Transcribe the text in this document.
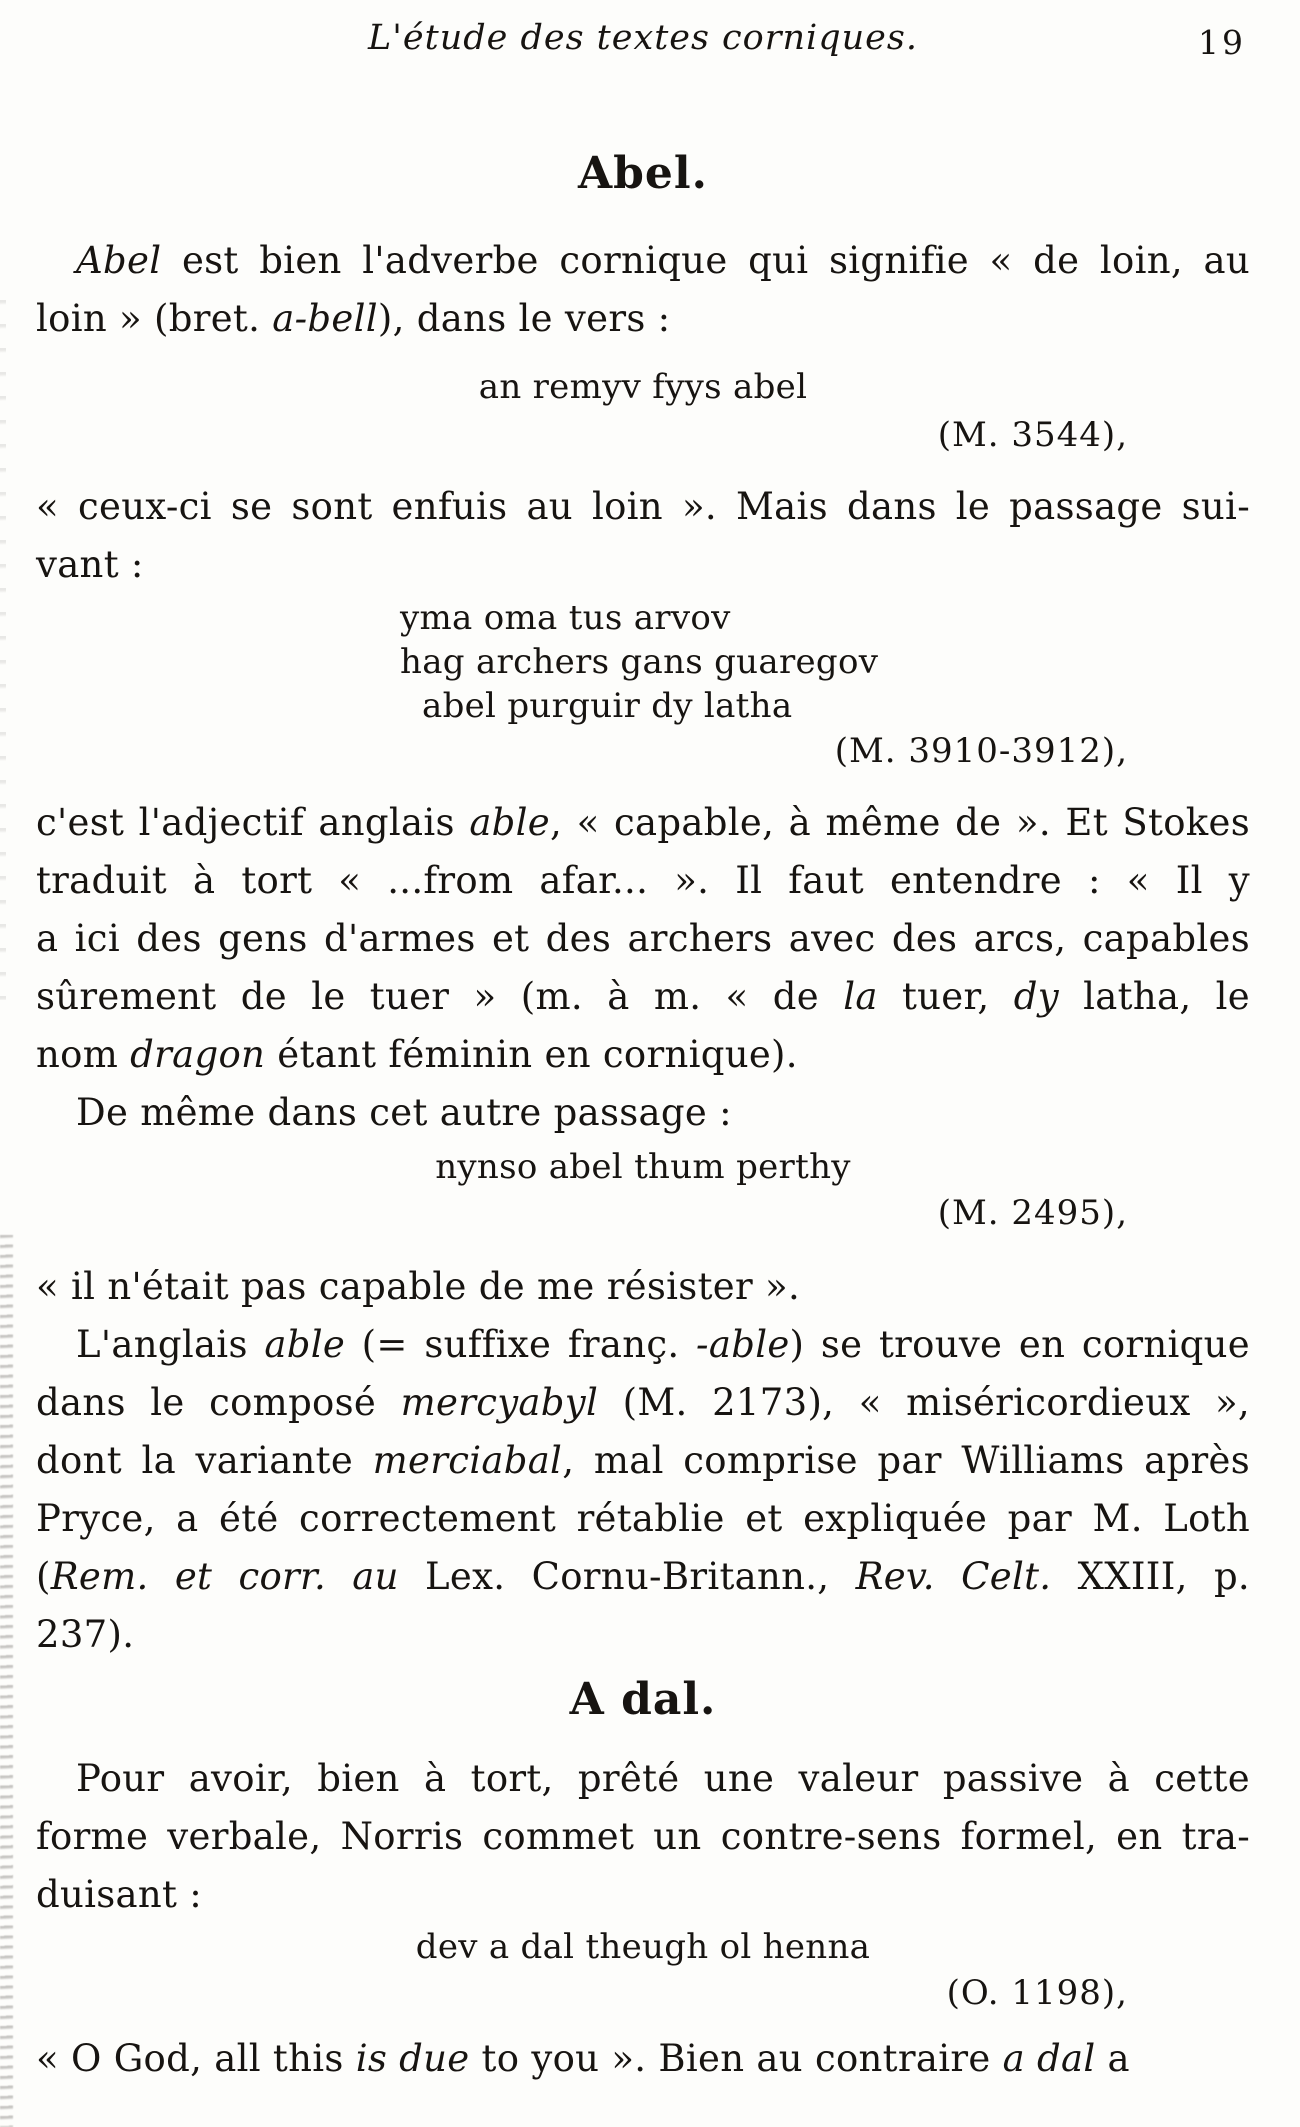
L'étude des textes corniques.	19
Abel.
Abel est bien l'adverbe cornique qui signifie « de loin, au
loin » (bret. a-bell), dans le vers :
an remyv fyys abel
(M. 3544),
« ceux-ci se sont enfuis au loin ». Mais dans le passage sui-
vant :
yma oma tus arvov
hag archers gans guaregov
abel purguir dy latha
(M. 3910-3912),
c'est l'adjectif anglais able, « capable, à même de ». Et Stokes
traduit à tort « ...from afar... ». Il faut entendre : « Il y
a ici des gens d'armes et des archers avec des arcs, capables
sûrement de le tuer » (m. à m. « de la tuer, dy latha, le
nom dragon étant féminin en cornique).
De même dans cet autre passage :
nynso abel thum perthy
(M. 2495),
« il n'était pas capable de me résister ».
L'anglais able (= suffixe franç. -able) se trouve en cornique
dans le composé mercyabyl (M. 2173), « miséricordieux »,
dont la variante merciabal, mal comprise par Williams après
Pryce, a été correctement rétablie et expliquée par M. Loth
(Rem. et corr. au Lex. Cornu-Britann., Rev. Celt. XXIII, p.
237).
A dal.
Pour avoir, bien à tort, prêté une valeur passive à cette
forme verbale, Norris commet un contre-sens formel, en tra-
duisant :
dev a dal theugh ol henna
(O. 1198),
« O God, all this is due to you ». Bien au contraire a dal a
